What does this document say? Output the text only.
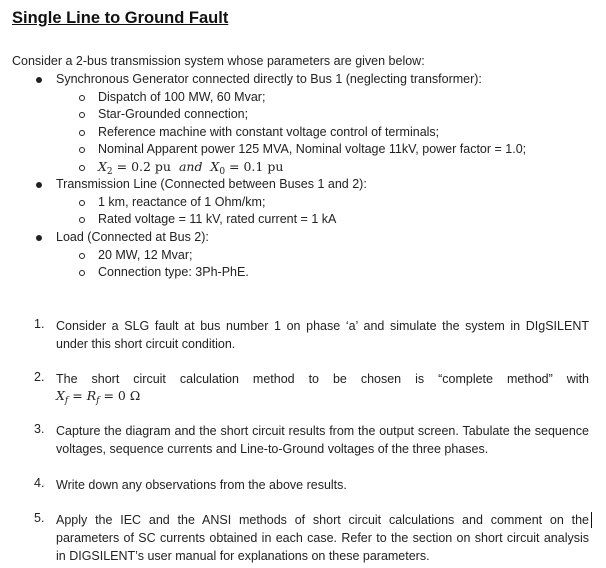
Single Line to Ground Fault
Consider a 2-bus transmission system whose parameters are given below:
Synchronous Generator connected directly to Bus 1 (neglecting transformer):
Dispatch of 100 MW, 60 Mvar;
Star-Grounded connection;
Reference machine with constant voltage control of terminals;
Nominal Apparent power 125 MVA, Nominal voltage 11kV, power factor = 1.0;
$X_2 = 0.2$ pu and $X_0 = 0.1$ pu
Transmission Line (Connected between Buses 1 and 2):
1 km, reactance of 1 Ohm/km;
Rated voltage = 11 kV, rated current = 1 kA
Load (Connected at Bus 2):
20 MW, 12 Mvar;
Connection type: 3Ph-PhE.
1. Consider a SLG fault at bus number 1 on phase ‘a’ and simulate the system in DIgSILENT under this short circuit condition.
2. The short circuit calculation method to be chosen is “complete method” with
$X_f = R_f = 0$ Ω
3. Capture the diagram and the short circuit results from the output screen. Tabulate the sequence voltages, sequence currents and Line-to-Ground voltages of the three phases.
4. Write down any observations from the above results.
5. Apply the IEC and the ANSI methods of short circuit calculations and comment on the parameters of SC currents obtained in each case. Refer to the section on short circuit analysis in DIGSILENT’s user manual for explanations on these parameters.
